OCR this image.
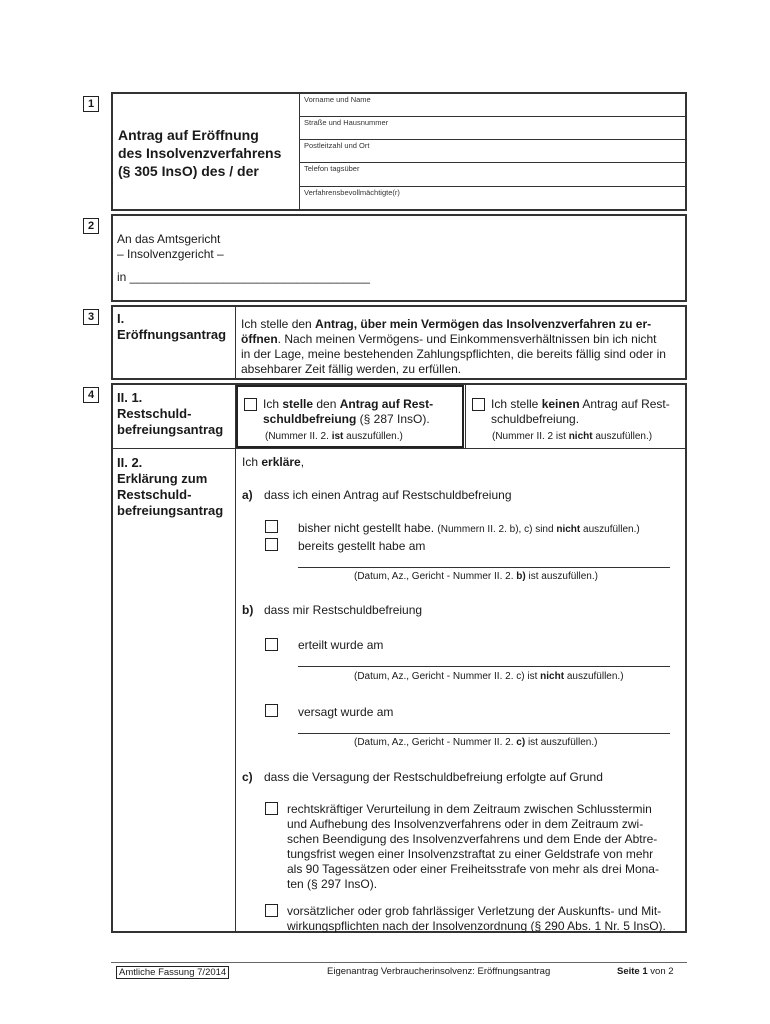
1
Antrag auf Eröffnung
des Insolvenzverfahrens
(§ 305 InsO) des / der
Vorname und Name
Straße und Hausnummer
Postleitzahl und Ort
Telefon tagsüber
Verfahrensbevollmächtigte(r)
2
An das Amtsgericht
– Insolvenzgericht –
in ____________________________________
3	I.
Eröffnungsantrag
Ich stelle den Antrag, über mein Vermögen das Insolvenzverfahren zu er-
öffnen. Nach meinen Vermögens- und Einkommensverhältnissen bin ich nicht
in der Lage, meine bestehenden Zahlungspflichten, die bereits fällig sind oder in
absehbarer Zeit fällig werden, zu erfüllen.
4	II. 1.
Restschuld-
befreiungsantrag
Ich stelle den Antrag auf Rest-
schuldbefreiung (§ 287 InsO).
(Nummer II. 2. ist auszufüllen.)
Ich stelle keinen Antrag auf Rest-
schuldbefreiung.
(Nummer II. 2 ist nicht auszufüllen.)
II. 2.
Erklärung zum
Restschuld-
befreiungsantrag
Ich erkläre,
a) dass ich einen Antrag auf Restschuldbefreiung
bisher nicht gestellt habe. (Nummern II. 2. b), c) sind nicht auszufüllen.)
bereits gestellt habe am
(Datum, Az., Gericht - Nummer II. 2. b) ist auszufüllen.)
b) dass mir Restschuldbefreiung
erteilt wurde am
(Datum, Az., Gericht - Nummer II. 2. c) ist nicht auszufüllen.)
versagt wurde am
(Datum, Az., Gericht - Nummer II. 2. c) ist auszufüllen.)
c) dass die Versagung der Restschuldbefreiung erfolgte auf Grund
rechtskräftiger Verurteilung in dem Zeitraum zwischen Schlusstermin
und Aufhebung des Insolvenzverfahrens oder in dem Zeitraum zwi-
schen Beendigung des Insolvenzverfahrens und dem Ende der Abtre-
tungsfrist wegen einer Insolvenzstraftat zu einer Geldstrafe von mehr
als 90 Tagessätzen oder einer Freiheitsstrafe von mehr als drei Mona-
ten (§ 297 InsO).
vorsätzlicher oder grob fahrlässiger Verletzung der Auskunfts- und Mit-
wirkungspflichten nach der Insolvenzordnung (§ 290 Abs. 1 Nr. 5 InsO).
Amtliche Fassung 7/2014	Eigenantrag Verbraucherinsolvenz: Eröffnungsantrag	Seite 1 von 2
